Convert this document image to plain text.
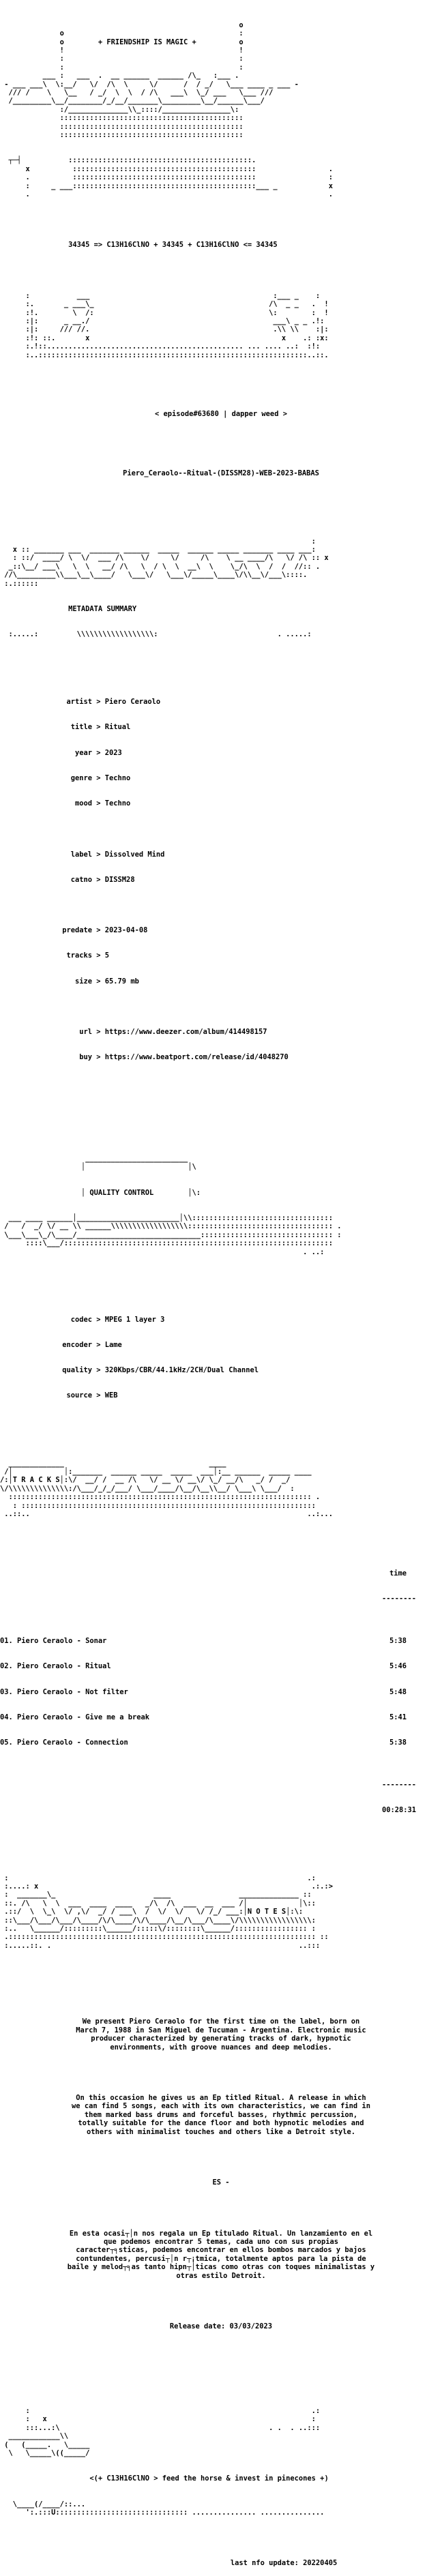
o
o                                         :
o        + FRIENDSHIP IS MAGIC +          o
!                                         !
:                                         :
:                                         :
___ :   ___  .  __ ______  ______ /\_   :___ .
- ___ ___\  \:__/   \/  /\  \     \/      /  / _/   \___ ____ _ ___ -
/// /    \   \__   / _/  \  \  / /\   ___\  \_/ ___   \___ ///
/_________\__/________/_/__/_______\_________\__/______\___/
:/______________\\_::::/________________\:
:::::::::::::::::::::::::::::::::::::::::::
:::::::::::::::::::::::::::::::::::::::::::
:::::::::::::::::::::::::::::::::::::::::::

┬─┤           :::::::::::::::::::::::::::::::::::::::::::.
x          :::::::::::::::::::::::::::::::::::::::::::                 .
.          :::::::::::::::::::::::::::::::::::::::::::                 :
:     _ ___:::::::::::::::::::::::::::::::::::::::::::___ _            x
.                                                                      .

34345 => C13H16ClNO + 34345 + C13H16ClNO <= 34345

:           ___                                           :___ _    :
:.       _ ___\_                                         /\  _ _   .  !
:!.        \  /:                                         \:        :  !
:|:      _ __./                                           ___\ _ _ .!:
:|:     /// //.                                           .\\ \\    :|:
:!: ::.       x                                             x    .: :x:
:.!::.............................................. ... .... ..:  :!:
:..:::::::::::::::::::::::::::::::::::::::::::::::::::::::::::::::..::.

< episode#63680 | dapper weed >

Piero_Ceraolo--Ritual-(DISSM28)-WEB-2023-BABAS

:
x :: _______ ___  _______ ______  _____  ______ _____ _______ ____ ___:
: ::/  ____/ \  \/  ___ /\    \/     \/     /\    \ __ ____/\   \/ /\ :: x
_::\__/ ___\   \  \   __/ /\   \  / \  \  __\  \    \_/\  \  /  /  //:: .
//\_________\\___\__\____/   \___\/   \___\/_____\____\/\\__\/___\::::.
:.::::::

METADATA SUMMARY

:.....:         \\\\\\\\\\\\\\\\\\:                            . .....:

artist > Piero Ceraolo

title > Ritual

year > 2023

genre > Techno

mood > Techno

label > Dissolved Mind

catno > DISSM28

predate > 2023-04-08

tracks > 5

size > 65.79 mb

url > https://www.deezer.com/album/414498157

buy > https://www.beatport.com/release/id/4048270

________________________
│                        │\

│ QUALITY CONTROL        │\:

___ ____ ______│________________________│\\:::::::::::::::::::::::::::::::::
/   /  _/ \/ __ \\ ______\\\\\\\\\\\\\\\\\\:::::::::::::::::::::::::::::::::: .
\___\___\_/\____/_____________________________::::::::::::::::::::::::::::::: :
::::\___/:::::::::::::::::::::::::::::::::::::::::::::::::::::::::::::::
. ..:

codec > MPEG 1 layer 3

encoder > Lame

quality > 320Kbps/CBR/44.1kHz/2CH/Dual Channel

source > WEB

_____________                                  ____
/│            │:_______  ______ _____  _____  ___│:__ ______  _____ ____
/:│T R A C K S│:\/  __/ /  __ /\   \/ __ \/ __\/ \_/ __/\   _/ /  _/
\/\\\\\\\\\\\\\\:/\___/_/_/___/ \___/____/\__/\__\\__/ \___\ \___/  :
::::::::::::::::::::::::::::::::::::::::::::::::::::::::::::::::::::::: .
: :::::::::::::::::::::::::::::::::::::::::::::::::::::::::::::::::::::
..::..                                                                 ..:...

time

--------

01. Piero Ceraolo - Sonar	5:38

02. Piero Ceraolo - Ritual	5:46

03. Piero Ceraolo - Not filter	5:48

04. Piero Ceraolo - Give me a break	5:41

05. Piero Ceraolo - Connection	5:38

--------

00:28:31

:                                                                      .:
:....: x                                                                .:.:>
:  _______\_                       ____                ______________ ::
::. /\   \  \  ___  ____  ____   _/\  /\  ___  __  ___ /│            │\::
.::/  \  \_\  \/ ,\/  _/ / ___\  /  \/  \/   \/ /_/ ___:│N O T E S│:\:
::\___/\___/\___/\____/\/\____/\/\____/\__/\___/\____\/\\\\\\\\\\\\\\\\\:
:..   \______/:::::::::\______/:::::\/::::::::\______/::::::::::::::::: :
.:::::::::::::::::::::::::::::::::::::::::::::::::::::::::::::::::::::::: ::
:.....::. .                                                          ..:::

We present Piero Ceraolo for the first time on the label, born on
March 7, 1988 in San Miguel de Tucuman - Argentina. Electronic music
producer characterized by generating tracks of dark, hypnotic
environments, with groove nuances and deep melodies.

On this occasion he gives us an Ep titled Ritual. A release in which
we can find 5 songs, each with its own characteristics, we can find in
them marked bass drums and forceful basses, rhythmic percussion,
totally suitable for the dance floor and both hypnotic melodies and
others with minimalist touches and others like a Detroit style.

ES -

En esta ocasi┬│n nos regala un Ep titulado Ritual. Un lanzamiento en el
que podemos encontrar 5 temas, cada uno con sus propias
caracter┬╕sticas, podemos encontrar en ellos bombos marcados y bajos
contundentes, percusi┬│n r┬¡tmica, totalmente aptos para la pista de
baile y melod┬╕as tanto hipn┬│ticas como otras con toques minimalistas y
otras estilo Detroit.

Release date: 03/03/2023

:                                                                  .:
:   x                                                              :
:::...:\                                                 . .  . ..:::
____________\\
(   (_____.   \_____
\   \_____\((_____/

<(+ C13H16ClNO > feed the horse & invest in pinecones +)

\____(/____/::...
':.:::U::::::::::::::::::::::::::::::: ............... ...............

last nfo update: 20220405
